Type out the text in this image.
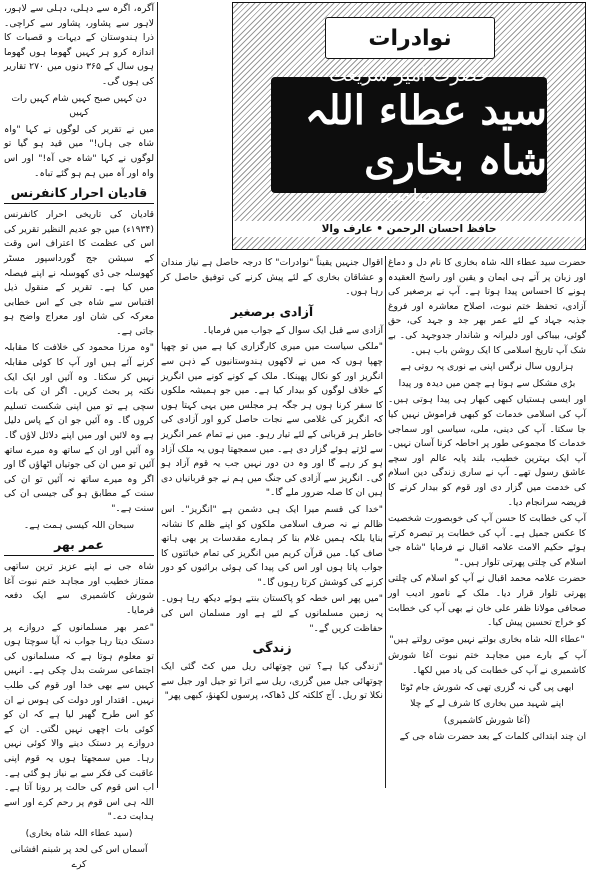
آگرہ، اگرہ سے دہلی، دہلی سے لاہور، لاہور سے پشاور، پشاور سے کراچی۔ ذرا ہندوستان کے دیہات و قصبات کا اندازہ کرو ہر کہیں گھوما ہوں گھوما ہوں سال کے ۳۶۵ دنوں میں ۲۷۰ تقاریر کی ہوں گی۔

دن کہیں صبح کہیں شام کہیں رات کہیں

میں نے تقریر کی لوگوں نے کہا "واہ شاہ جی ہاں!" میں قید ہو گیا تو لوگوں نے کہا "شاہ جی آہ!" اور اس واہ اور آہ میں ہم ہو گئے تباہ۔

قادیان احرار کانفرنس

قادیان کی تاریخی احرار کانفرنس (۱۹۳۴ء) میں جو عدیم النظیر تقریر کی اس کی عظمت کا اعتراف اس وقت کے سیشن جج گورداسپور مسٹر کھوسلہ جی ڈی کھوسلہ نے اپنے فیصلہ میں کیا ہے۔ تقریر کے منقول ذیل اقتباس سے شاہ جی کے اس خطابی معرکہ کی شان اور معراج واضح ہو جاتی ہے۔

"وہ مرزا محمود کی خلافت کا مقابلہ کرنے آئے ہیں اور آپ کا کوئی مقابلہ نہیں کر سکتا۔ وہ آئیں اور ایک ایک نکتہ پر بحث کریں۔ اگر ان کی بات سچی ہے تو میں اپنی شکست تسلیم کروں گا۔ وہ آئیں جو ان کے پاس دلیل ہے وہ لائیں اور میں اپنے دلائل لاؤں گا۔ وہ آئیں اور ان کے ساتھ وہ میرے ساتھ آئیں تو میں ان کی جوتیاں اٹھاؤں گا اور اگر وہ میرے ساتھ نہ آئیں تو ان کی سنت کے مطابق ہو گی جیسی ان کی سنت ہے۔"

سبحان اللہ کیسی ہمت ہے۔

عمر بھر

شاہ جی نے اپنے عزیز ترین ساتھی ممتاز خطیب اور مجاہد ختم نبوت آغا شورش کاشمیری سے ایک دفعہ فرمایا۔

"عمر بھر مسلمانوں کے دروازے پر دستک دیتا رہا جواب نہ آیا سوچتا ہوں تو معلوم ہوتا ہے کہ مسلمانوں کی اجتماعی سرشت بدل چکی ہے۔ انہیں کہیں سے بھی خدا اور قوم کی طلب نہیں۔ اقتدار اور دولت کی ہوس نے ان کو اس طرح گھیر لیا ہے کہ ان کو کوئی بات اچھی نہیں لگتی۔ ان کے دروازے پر دستک دینے والا کوئی نہیں رہا۔ میں سمجھتا ہوں یہ قوم اپنی عاقبت کی فکر سے بے نیاز ہو گئی ہے۔ اب اس قوم کی حالت پر رونا آتا ہے۔ اللہ ہی اس قوم پر رحم کرے اور اسے ہدایت دے۔"

(سید عطاء اللہ شاہ بخاری)

آسماں اس کی لحد پر شبنم افشانی کرے

نوادرات
حضرت امیر شریعت
سید عطاء اللہ شاہ بخاری
صاحب
حافظ احسان الرحمن • عارف والا

اقوال جنہیں یقیناً "نوادرات" کا درجہ حاصل ہے نیاز مندان و عشاقان بخاری کے لئے پیش کرنے کی توفیق حاصل کر رہا ہوں۔

آزادی برصغیر

آزادی سے قبل ایک سوال کے جواب میں فرمایا۔

"ملکی سیاست میں میری کارگزاری کیا ہے میں تو چھپا چھپا ہوں کہ میں نے لاکھوں ہندوستانیوں کے ذہن سے انگریز اور کو نکال پھینکا۔ ملک کے کونے کونے میں انگریز کے خلاف لوگوں کو بیدار کیا ہے۔ میں جو ہمیشہ ملکوں کا سفر کرنا ہوں ہر جگہ ہر مجلس میں یہی کہتا ہوں کہ انگریز کی غلامی سے نجات حاصل کرو اور آزادی کی خاطر ہر قربانی کے لئے تیار رہو۔ میں نے تمام عمر انگریز سے لڑتے ہوئے گزار دی ہے۔ میں سمجھتا ہوں یہ ملک آزاد ہو کر رہے گا اور وہ دن دور نہیں جب یہ قوم آزاد ہو گی۔ انگریز سے آزادی کی جنگ میں ہم نے جو قربانیاں دی ہیں ان کا صلہ ضرور ملے گا۔"

"خدا کی قسم میرا ایک ہی دشمن ہے "انگریز"۔ اس ظالم نے نہ صرف اسلامی ملکوں کو اپنے ظلم کا نشانہ بنایا بلکہ ہمیں غلام بنا کر ہمارے مقدسات پر بھی ہاتھ صاف کیا۔ میں قرآن کریم میں انگریز کی تمام خباثتوں کا جواب پاتا ہوں اور اس کی پیدا کی ہوئی برائیوں کو دور کرنے کی کوشش کرتا رہوں گا۔"

"میں پھر اس خطہ کو پاکستان بنتے ہوئے دیکھ رہا ہوں۔ یہ زمین مسلمانوں کے لئے ہے اور مسلمان اس کی حفاظت کریں گے۔"

زندگی

"زندگی کیا ہے؟ تین چوتھائی ریل میں کٹ گئی ایک چوتھائی جیل میں گزری، ریل سے اترا تو جیل اور جیل سے نکلا تو ریل۔ آج کلکتہ کل ڈھاکہ، پرسوں لکھنؤ، کبھی پھر"

حضرت سید عطاء اللہ شاہ بخاری کا نام دل و دماغ اور زبان پر آتے ہی ایمان و یقین اور راسخ العقیدہ ہونے کا احساس پیدا ہوتا ہے۔ آپ نے برصغیر کی آزادی، تحفظ ختم نبوت، اصلاح معاشرہ اور فروغ جذبہ جہاد کے لئے عمر بھر جد و جہد کی، حق گوئی، بیباکی اور دلیرانہ و شاندار جدوجہد کی۔ بے شک آپ تاریخ اسلامی کا ایک روشن باب ہیں۔

ہزاروں سال نرگس اپنی بے نوری پہ روتی ہے

بڑی مشکل سے ہوتا ہے چمن میں دیدہ ور پیدا

اور ایسی ہستیاں کبھی کبھار ہی پیدا ہوتی ہیں۔ آپ کی اسلامی خدمات کو کبھی فراموش نہیں کیا جا سکتا۔ آپ کی دینی، ملی، سیاسی اور سماجی خدمات کا مجموعی طور پر احاطہ کرنا آسان نہیں۔ آپ ایک بہترین خطیب، بلند پایہ عالم اور سچے عاشق رسول تھے۔ آپ نے ساری زندگی دین اسلام کی خدمت میں گزار دی اور قوم کو بیدار کرنے کا فریضہ سرانجام دیا۔

آپ کی خطابت کا حسن آپ کی خوبصورت شخصیت کا عکس جمیل ہے۔ آپ کی خطابت پر تبصرہ کرتے ہوئے حکیم الامت علامہ اقبال نے فرمایا "شاہ جی اسلام کی چلتی پھرتی تلوار ہیں۔"

حضرت علامہ محمد اقبال نے آپ کو اسلام کی چلتی پھرتی تلوار قرار دیا۔ ملک کے نامور ادیب اور صحافی مولانا ظفر علی خان نے بھی آپ کی خطابت کو خراج تحسین پیش کیا۔

"عطاء اللہ شاہ بخاری بولتے نہیں موتی رولتے ہیں"

آپ کے بارے میں مجاہد ختم نبوت آغا شورش کاشمیری نے آپ کی خطابت کی یاد میں لکھا۔

ابھی پی گی نہ گزری تھی کہ شورش جام ٹوٹا

اپنے شہید میں بخاری کا شرف لے کے چلا

(آغا شورش کاشمیری)

ان چند ابتدائی کلمات کے بعد حضرت شاہ جی کے
